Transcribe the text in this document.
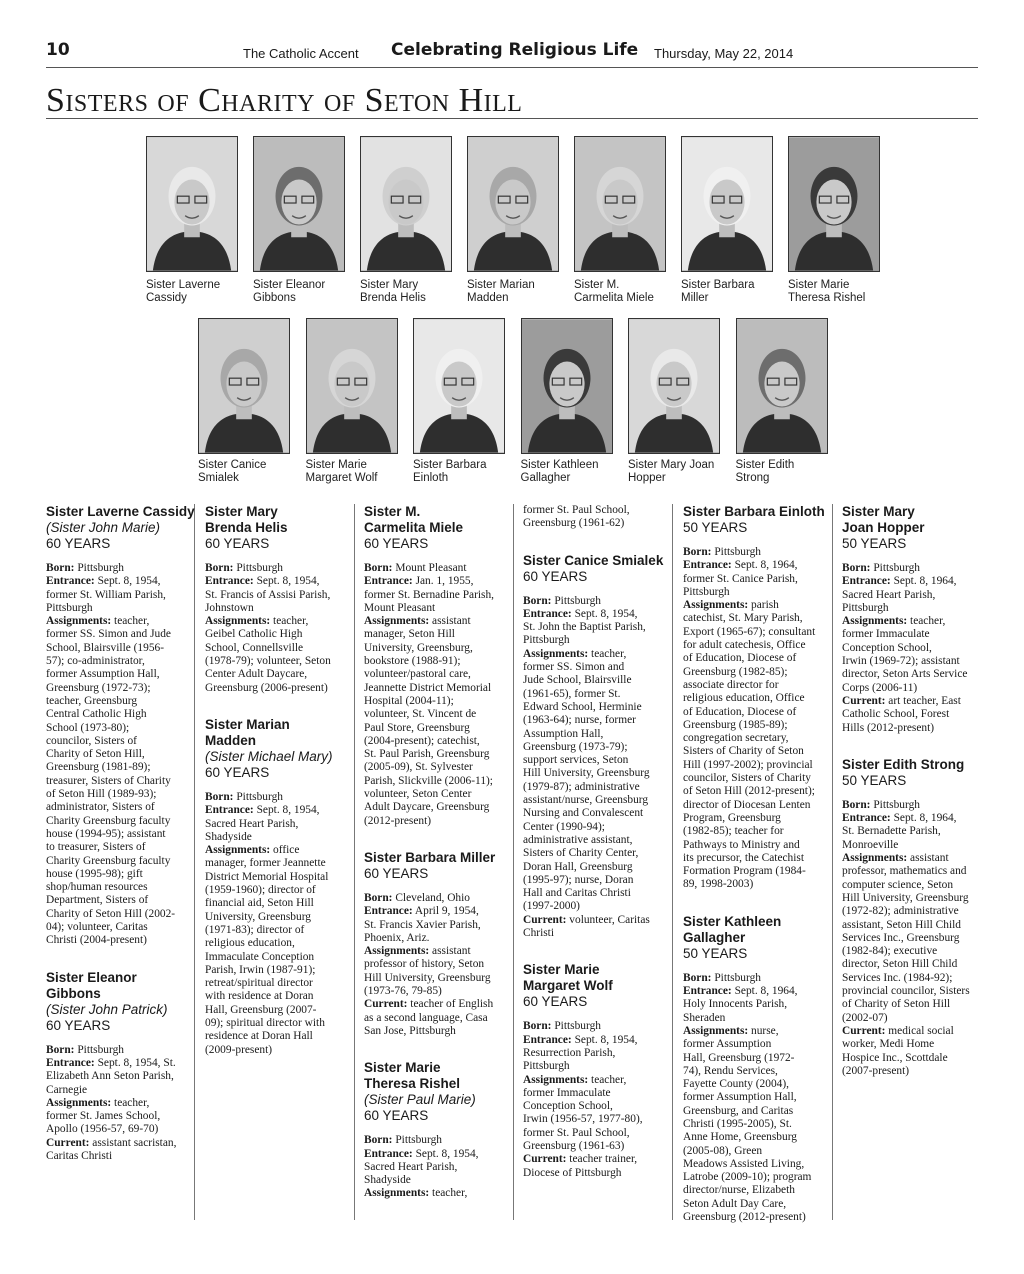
10	The Catholic Accent Celebrating Religious Life Thursday, May 22, 2014
Sisters of Charity of Seton Hill
Sister Laverne
Cassidy
Sister Eleanor
Gibbons
Sister Mary
Brenda Helis
Sister Marian
Madden
Sister M.
Carmelita Miele
Sister Barbara
Miller
Sister Marie
Theresa Rishel
Sister Canice
Smialek
Sister Marie
Margaret Wolf
Sister Barbara
Einloth
Sister Kathleen
Gallagher
Sister Mary Joan
Hopper
Sister Edith
Strong
Sister Laverne Cassidy
(Sister John Marie)
60 YEARS
Born: Pittsburgh
Entrance: Sept. 8, 1954,
former St. William Parish,
Pittsburgh
Assignments: teacher,
former SS. Simon and Jude
School, Blairsville (1956-
57); co-administrator,
former Assumption Hall,
Greensburg (1972-73);
teacher, Greensburg
Central Catholic High
School (1973-80);
councilor, Sisters of
Charity of Seton Hill,
Greensburg (1981-89);
treasurer, Sisters of Charity
of Seton Hill (1989-93);
administrator, Sisters of
Charity Greensburg faculty
house (1994-95); assistant
to treasurer, Sisters of
Charity Greensburg faculty
house (1995-98); gift
shop/human resources
Department, Sisters of
Charity of Seton Hill (2002-
04); volunteer, Caritas
Christi (2004-present)
Sister Eleanor
Gibbons
(Sister John Patrick)
60 YEARS
Born: Pittsburgh
Entrance: Sept. 8, 1954, St.
Elizabeth Ann Seton Parish,
Carnegie
Assignments: teacher,
former St. James School,
Apollo (1956-57, 69-70)
Current: assistant sacristan,
Caritas Christi
Sister Mary
Brenda Helis
60 YEARS
Born: Pittsburgh
Entrance: Sept. 8, 1954,
St. Francis of Assisi Parish,
Johnstown
Assignments: teacher,
Geibel Catholic High
School, Connellsville
(1978-79); volunteer, Seton
Center Adult Daycare,
Greensburg (2006-present)
Sister Marian
Madden
(Sister Michael Mary)
60 YEARS
Born: Pittsburgh
Entrance: Sept. 8, 1954,
Sacred Heart Parish,
Shadyside
Assignments: office
manager, former Jeannette
District Memorial Hospital
(1959-1960); director of
financial aid, Seton Hill
University, Greensburg
(1971-83); director of
religious education,
Immaculate Conception
Parish, Irwin (1987-91);
retreat/spiritual director
with residence at Doran
Hall, Greensburg (2007-
09); spiritual director with
residence at Doran Hall
(2009-present)
Sister M.
Carmelita Miele
60 YEARS
Born: Mount Pleasant
Entrance: Jan. 1, 1955,
former St. Bernadine Parish,
Mount Pleasant
Assignments: assistant
manager, Seton Hill
University, Greensburg,
bookstore (1988-91);
volunteer/pastoral care,
Jeannette District Memorial
Hospital (2004-11);
volunteer, St. Vincent de
Paul Store, Greensburg
(2004-present); catechist,
St. Paul Parish, Greensburg
(2005-09), St. Sylvester
Parish, Slickville (2006-11);
volunteer, Seton Center
Adult Daycare, Greensburg
(2012-present)
Sister Barbara Miller
60 YEARS
Born: Cleveland, Ohio
Entrance: April 9, 1954,
St. Francis Xavier Parish,
Phoenix, Ariz.
Assignments: assistant
professor of history, Seton
Hill University, Greensburg
(1973-76, 79-85)
Current: teacher of English
as a second language, Casa
San Jose, Pittsburgh
Sister Marie
Theresa Rishel
(Sister Paul Marie)
60 YEARS
Born: Pittsburgh
Entrance: Sept. 8, 1954,
Sacred Heart Parish,
Shadyside
Assignments: teacher,
former St. Paul School,
Greensburg (1961-62)
Sister Canice Smialek
60 YEARS
Born: Pittsburgh
Entrance: Sept. 8, 1954,
St. John the Baptist Parish,
Pittsburgh
Assignments: teacher,
former SS. Simon and
Jude School, Blairsville
(1961-65), former St.
Edward School, Herminie
(1963-64); nurse, former
Assumption Hall,
Greensburg (1973-79);
support services, Seton
Hill University, Greensburg
(1979-87); administrative
assistant/nurse, Greensburg
Nursing and Convalescent
Center (1990-94);
administrative assistant,
Sisters of Charity Center,
Doran Hall, Greensburg
(1995-97); nurse, Doran
Hall and Caritas Christi
(1997-2000)
Current: volunteer, Caritas
Christi
Sister Marie
Margaret Wolf
60 YEARS
Born: Pittsburgh
Entrance: Sept. 8, 1954,
Resurrection Parish,
Pittsburgh
Assignments: teacher,
former Immaculate
Conception School,
Irwin (1956-57, 1977-80),
former St. Paul School,
Greensburg (1961-63)
Current: teacher trainer,
Diocese of Pittsburgh
Sister Barbara Einloth
50 YEARS
Born: Pittsburgh
Entrance: Sept. 8, 1964,
former St. Canice Parish,
Pittsburgh
Assignments: parish
catechist, St. Mary Parish,
Export (1965-67); consultant
for adult catechesis, Office
of Education, Diocese of
Greensburg (1982-85);
associate director for
religious education, Office
of Education, Diocese of
Greensburg (1985-89);
congregation secretary,
Sisters of Charity of Seton
Hill (1997-2002); provincial
councilor, Sisters of Charity
of Seton Hill (2012-present);
director of Diocesan Lenten
Program, Greensburg
(1982-85); teacher for
Pathways to Ministry and
its precursor, the Catechist
Formation Program (1984-
89, 1998-2003)
Sister Kathleen
Gallagher
50 YEARS
Born: Pittsburgh
Entrance: Sept. 8, 1964,
Holy Innocents Parish,
Sheraden
Assignments: nurse,
former Assumption
Hall, Greensburg (1972-
74), Rendu Services,
Fayette County (2004),
former Assumption Hall,
Greensburg, and Caritas
Christi (1995-2005), St.
Anne Home, Greensburg
(2005-08), Green
Meadows Assisted Living,
Latrobe (2009-10); program
director/nurse, Elizabeth
Seton Adult Day Care,
Greensburg (2012-present)
Sister Mary
Joan Hopper
50 YEARS
Born: Pittsburgh
Entrance: Sept. 8, 1964,
Sacred Heart Parish,
Pittsburgh
Assignments: teacher,
former Immaculate
Conception School,
Irwin (1969-72); assistant
director, Seton Arts Service
Corps (2006-11)
Current: art teacher, East
Catholic School, Forest
Hills (2012-present)
Sister Edith Strong
50 YEARS
Born: Pittsburgh
Entrance: Sept. 8, 1964,
St. Bernadette Parish,
Monroeville
Assignments: assistant
professor, mathematics and
computer science, Seton
Hill University, Greensburg
(1972-82); administrative
assistant, Seton Hill Child
Services Inc., Greensburg
(1982-84); executive
director, Seton Hill Child
Services Inc. (1984-92);
provincial councilor, Sisters
of Charity of Seton Hill
(2002-07)
Current: medical social
worker, Medi Home
Hospice Inc., Scottdale
(2007-present)
